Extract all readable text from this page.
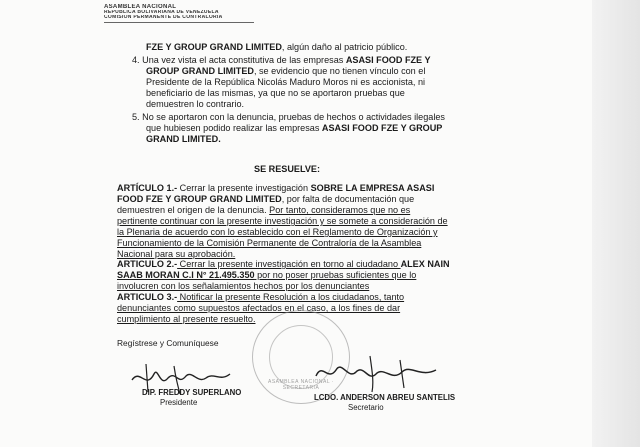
ASAMBLEA NACIONAL
REPUBLICA BOLIVARIANA DE VENEZUELA
COMISION PERMANENTE DE CONTRALORIA
FZE Y GROUP GRAND LIMITED, algún daño al patricio público.
4. Una vez vista el acta constitutiva de las empresas ASASI FOOD FZE Y
GROUP GRAND LIMITED, se evidencio que no tienen vínculo con el
Presidente de la República Nicolás Maduro Moros ni es accionista, ni
beneficiario de las mismas, ya que no se aportaron pruebas que
demuestren lo contrario.
5. No se aportaron con la denuncia, pruebas de hechos o actividades ilegales
que hubiesen podido realizar las empresas ASASI FOOD FZE Y GROUP
GRAND LIMITED.
SE RESUELVE:
ARTÍCULO 1.- Cerrar la presente investigación SOBRE LA EMPRESA ASASI
FOOD FZE Y GROUP GRAND LIMITED, por falta de documentación que
demuestren el origen de la denuncia. Por tanto, consideramos que no es
pertinente continuar con la presente investigación y se somete a consideración de
la Plenaria de acuerdo con lo establecido con el Reglamento de Organización y
Funcionamiento de la Comisión Permanente de Contraloría de la Asamblea
Nacional para su aprobación.
ARTICULO 2.- Cerrar la presente investigación en torno al ciudadano ALEX NAIN
SAAB MORAN C.I N° 21.495.350 por no poser pruebas suficientes que lo
involucren con los señalamientos hechos por los denunciantes
ARTICULO 3.- Notificar la presente Resolución a los ciudadanos, tanto
denunciantes como supuestos afectados en el caso, a los fines de dar
cumplimiento al presente resuelto.
Regístrese y Comuníquese
ASAMBLEA NACIONAL · SECRETARIA
DIP. FREDDY SUPERLANO
Presidente
LCDO. ANDERSON ABREU SANTELIS
Secretario
